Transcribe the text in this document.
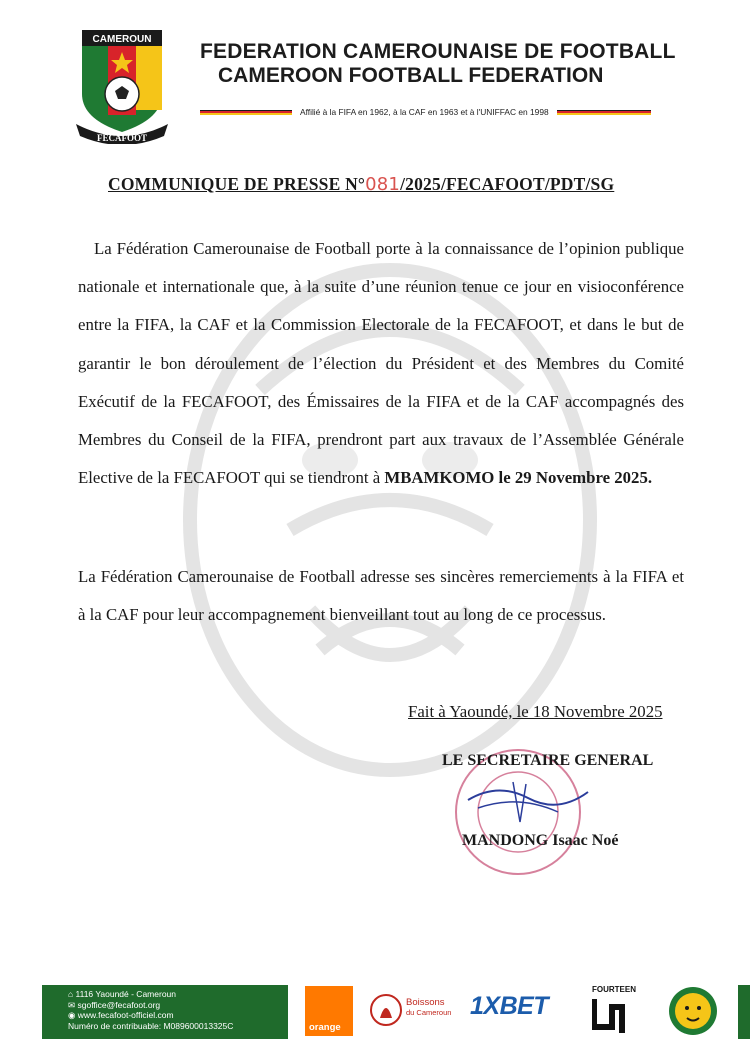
CAMEROUN
FECAFOOT
FEDERATION CAMEROUNAISE DE FOOTBALL
CAMEROON FOOTBALL FEDERATION
Affilié à la FIFA en 1962, à la CAF en 1963 et à l'UNIFFAC en 1998
COMMUNIQUE DE PRESSE N°081/2025/FECAFOOT/PDT/SG
La Fédération Camerounaise de Football porte à la connaissance de l’opinion publique nationale et internationale que, à la suite d’une réunion tenue ce jour en visioconférence entre la FIFA, la CAF et la Commission Electorale de la FECAFOOT, et dans le but de garantir le bon déroulement de l’élection du Président et des Membres du Comité Exécutif de la FECAFOOT, des Émissaires de la FIFA et de la CAF accompagnés des Membres du Conseil de la FIFA, prendront part aux travaux de l’Assemblée Générale Elective de la FECAFOOT qui se tiendront à MBAMKOMO le 29 Novembre 2025.
La Fédération Camerounaise de Football adresse ses sincères remerciements à la FIFA et à la CAF pour leur accompagnement bienveillant tout au long de ce processus.
Fait à Yaoundé, le 18 Novembre 2025
LE SECRETAIRE GENERAL
MANDONG Isaac Noé
⌂ 1116 Yaoundé - Cameroun
✉ sgoffice@fecafoot.org
◉ www.fecafoot-officiel.com
Numéro de contribuable: M089600013325C	orange
Boissons
du Cameroun 1XBET
FOURTEEN
